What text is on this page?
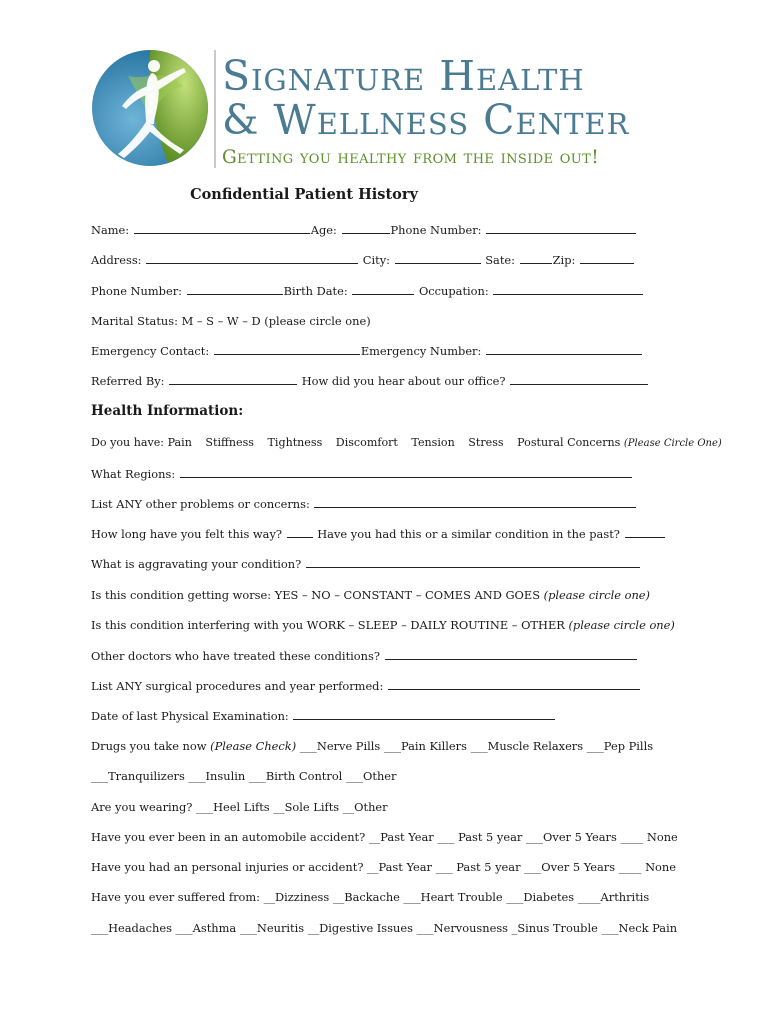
Signature Health
& Wellness Center
Getting you healthy from the inside out!
Confidential Patient History
Name:	Age:	Phone Number:
Address:	City:	Sate:	Zip:
Phone Number:	Birth Date:	Occupation:
Marital Status: M – S – W – D (please circle one)
Emergency Contact:	Emergency Number:
Referred By:	How did you hear about our office?
Health Information:
Do you have: Pain Stiffness Tightness Discomfort Tension Stress Postural Concerns (Please Circle One)
What Regions:
List ANY other problems or concerns:
How long have you felt this way?	Have you had this or a similar condition in the past?
What is aggravating your condition?
Is this condition getting worse: YES – NO – CONSTANT – COMES AND GOES (please circle one)
Is this condition interfering with you WORK – SLEEP – DAILY ROUTINE – OTHER (please circle one)
Other doctors who have treated these conditions?
List ANY surgical procedures and year performed:
Date of last Physical Examination:
Drugs you take now (Please Check) ___Nerve Pills ___Pain Killers ___Muscle Relaxers ___Pep Pills
___Tranquilizers ___Insulin ___Birth Control ___Other
Are you wearing? ___Heel Lifts __Sole Lifts __Other
Have you ever been in an automobile accident? __Past Year ___ Past 5 year ___Over 5 Years ____ None
Have you had an personal injuries or accident? __Past Year ___ Past 5 year ___Over 5 Years ____ None
Have you ever suffered from: __Dizziness __Backache ___Heart Trouble ___Diabetes ____Arthritis
___Headaches ___Asthma ___Neuritis __Digestive Issues ___Nervousness _Sinus Trouble ___Neck Pain
